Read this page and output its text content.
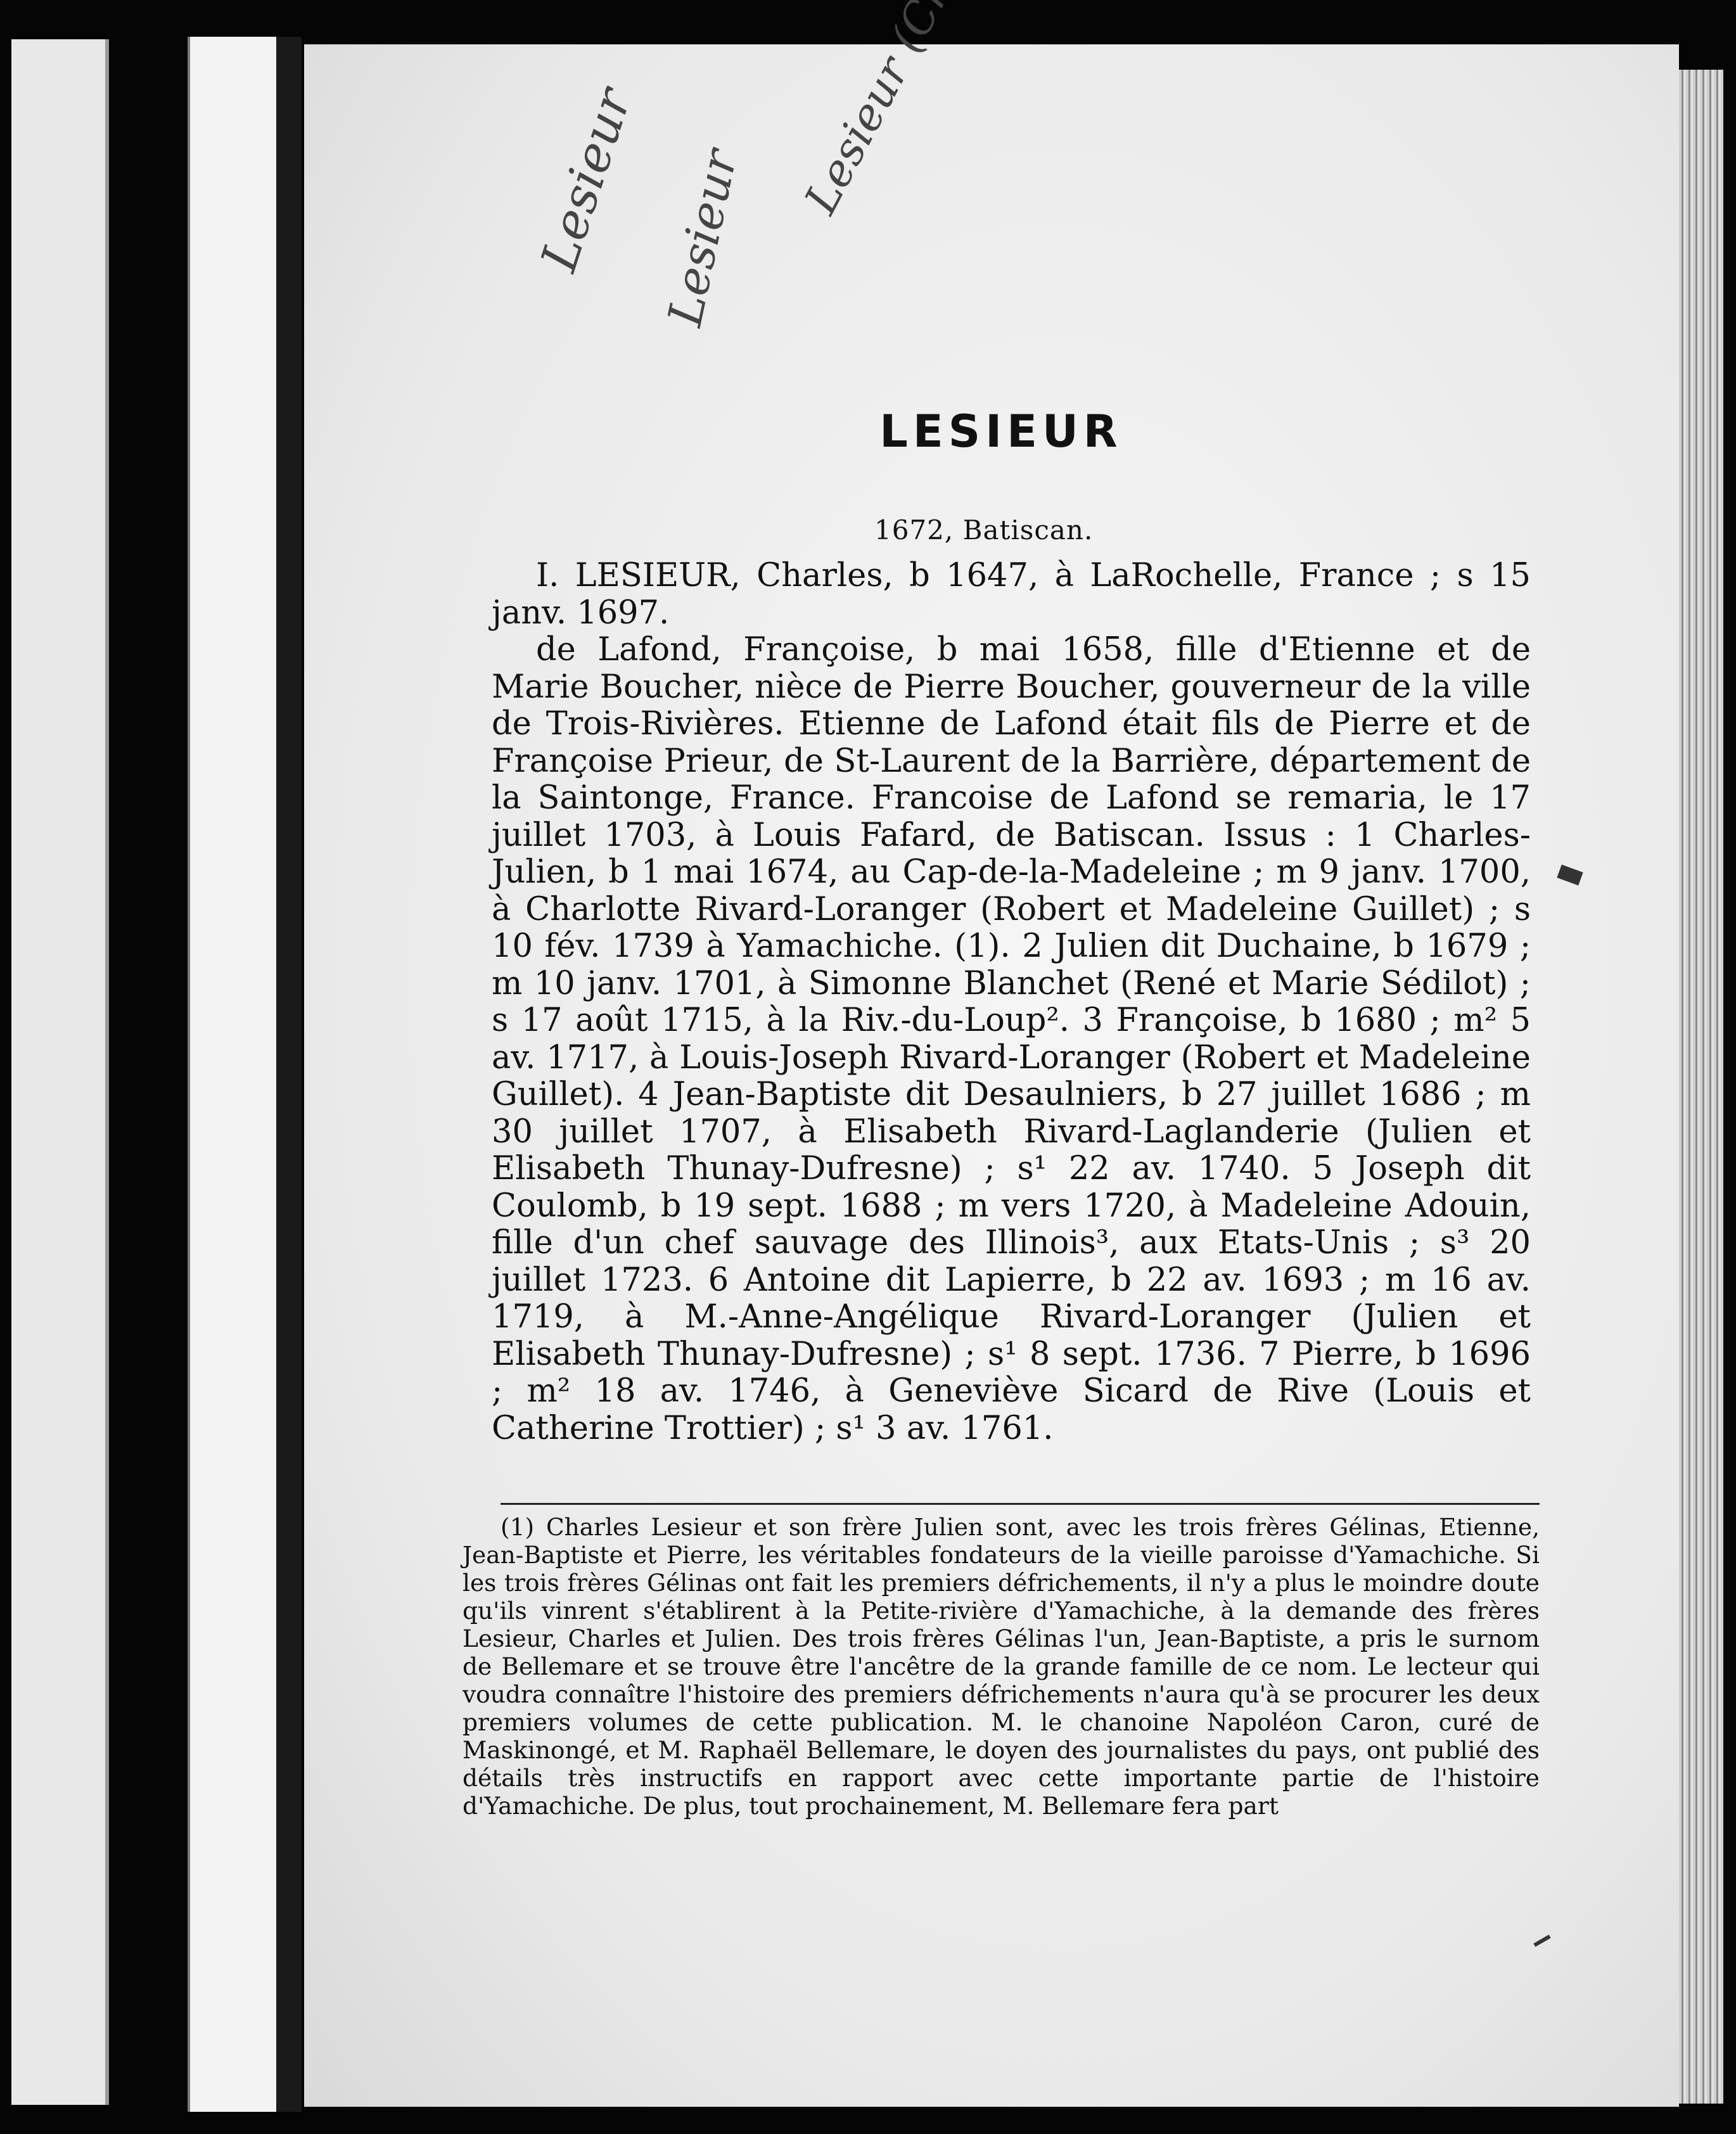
Lesieur Lesieur
LESIEUR
1672, Batiscan.

I. LESIEUR, Charles, b 1647, à LaRochelle, France ; s 15 janv. 1697.

de Lafond, Françoise, b mai 1658, fille d'Etienne et de Marie Boucher, nièce de Pierre Boucher, gouverneur de la ville de Trois-Rivières. Etienne de Lafond était fils de Pierre et de Françoise Prieur, de St-Laurent de la Barrière, département de la Saintonge, France. Francoise de Lafond se remaria, le 17 juillet 1703, à Louis Fafard, de Batiscan. Issus : 1 Charles-Julien, b 1 mai 1674, au Cap-de-la-Madeleine ; m 9 janv. 1700, à Charlotte Rivard-Loranger (Robert et Madeleine Guillet) ; s 10 fév. 1739 à Yamachiche. (1). 2 Julien dit Duchaine, b 1679 ; m 10 janv. 1701, à Simonne Blanchet (René et Marie Sédilot) ; s 17 août 1715, à la Riv.-du-Loup². 3 Françoise, b 1680 ; m² 5 av. 1717, à Louis-Joseph Rivard-Loranger (Robert et Madeleine Guillet). 4 Jean-Baptiste dit Desaulniers, b 27 juillet 1686 ; m 30 juillet 1707, à Elisabeth Rivard-Laglanderie (Julien et Elisabeth Thunay-Dufresne) ; s¹ 22 av. 1740. 5 Joseph dit Coulomb, b 19 sept. 1688 ; m vers 1720, à Madeleine Adouin, fille d'un chef sauvage des Illinois³, aux Etats-Unis ; s³ 20 juillet 1723. 6 Antoine dit Lapierre, b 22 av. 1693 ; m 16 av. 1719, à M.-Anne-Angélique Rivard-Loranger (Julien et Elisabeth Thunay-Dufresne) ; s¹ 8 sept. 1736. 7 Pierre, b 1696 ; m² 18 av. 1746, à Geneviève Sicard de Rive (Louis et Catherine Trottier) ; s¹ 3 av. 1761.

(1) Charles Lesieur et son frère Julien sont, avec les trois frères Gélinas, Etienne, Jean-Baptiste et Pierre, les véritables fondateurs de la vieille paroisse d'Yamachiche. Si les trois frères Gélinas ont fait les premiers défrichements, il n'y a plus le moindre doute qu'ils vinrent s'établirent à la Petite-rivière d'Yamachiche, à la demande des frères Lesieur, Charles et Julien. Des trois frères Gélinas l'un, Jean-Baptiste, a pris le surnom de Bellemare et se trouve être l'ancêtre de la grande famille de ce nom. Le lecteur qui voudra connaître l'histoire des premiers défrichements n'aura qu'à se procurer les deux premiers volumes de cette publication. M. le chanoine Napoléon Caron, curé de Maskinongé, et M. Raphaël Bellemare, le doyen des journalistes du pays, ont publié des détails très instructifs en rapport avec cette importante partie de l'histoire d'Yamachiche. De plus, tout prochainement, M. Bellemare fera part
